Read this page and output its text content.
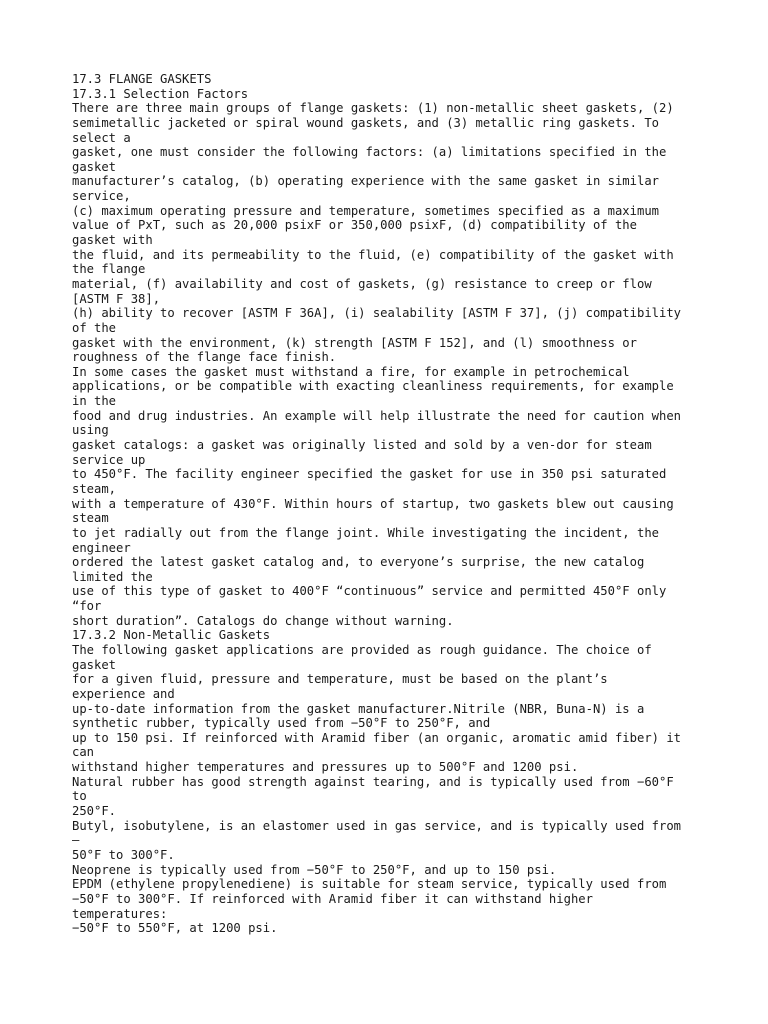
17.3 FLANGE GASKETS
17.3.1 Selection Factors
There are three main groups of flange gaskets: (1) non-metallic sheet gaskets, (2)
semimetallic jacketed or spiral wound gaskets, and (3) metallic ring gaskets. To
select a
gasket, one must consider the following factors: (a) limitations specified in the
gasket
manufacturer’s catalog, (b) operating experience with the same gasket in similar
service,
(c) maximum operating pressure and temperature, sometimes specified as a maximum
value of PxT, such as 20,000 psixF or 350,000 psixF, (d) compatibility of the
gasket with
the fluid, and its permeability to the fluid, (e) compatibility of the gasket with
the flange
material, (f) availability and cost of gaskets, (g) resistance to creep or flow
[ASTM F 38],
(h) ability to recover [ASTM F 36A], (i) sealability [ASTM F 37], (j) compatibility
of the
gasket with the environment, (k) strength [ASTM F 152], and (l) smoothness or
roughness of the flange face finish.
In some cases the gasket must withstand a fire, for example in petrochemical
applications, or be compatible with exacting cleanliness requirements, for example
in the
food and drug industries. An example will help illustrate the need for caution when
using
gasket catalogs: a gasket was originally listed and sold by a ven-dor for steam
service up
to 450°F. The facility engineer specified the gasket for use in 350 psi saturated
steam,
with a temperature of 430°F. Within hours of startup, two gaskets blew out causing
steam
to jet radially out from the flange joint. While investigating the incident, the
engineer
ordered the latest gasket catalog and, to everyone’s surprise, the new catalog
limited the
use of this type of gasket to 400°F “continuous” service and permitted 450°F only
“for
short duration”. Catalogs do change without warning.
17.3.2 Non-Metallic Gaskets
The following gasket applications are provided as rough guidance. The choice of
gasket
for a given fluid, pressure and temperature, must be based on the plant’s
experience and
up-to-date information from the gasket manufacturer.Nitrile (NBR, Buna-N) is a
synthetic rubber, typically used from −50°F to 250°F, and
up to 150 psi. If reinforced with Aramid fiber (an organic, aromatic amid fiber) it
can
withstand higher temperatures and pressures up to 500°F and 1200 psi.
Natural rubber has good strength against tearing, and is typically used from −60°F
to
250°F.
Butyl, isobutylene, is an elastomer used in gas service, and is typically used from
—
50°F to 300°F.
Neoprene is typically used from −50°F to 250°F, and up to 150 psi.
EPDM (ethylene propylenediene) is suitable for steam service, typically used from
−50°F to 300°F. If reinforced with Aramid fiber it can withstand higher
temperatures:
−50°F to 550°F, at 1200 psi.
